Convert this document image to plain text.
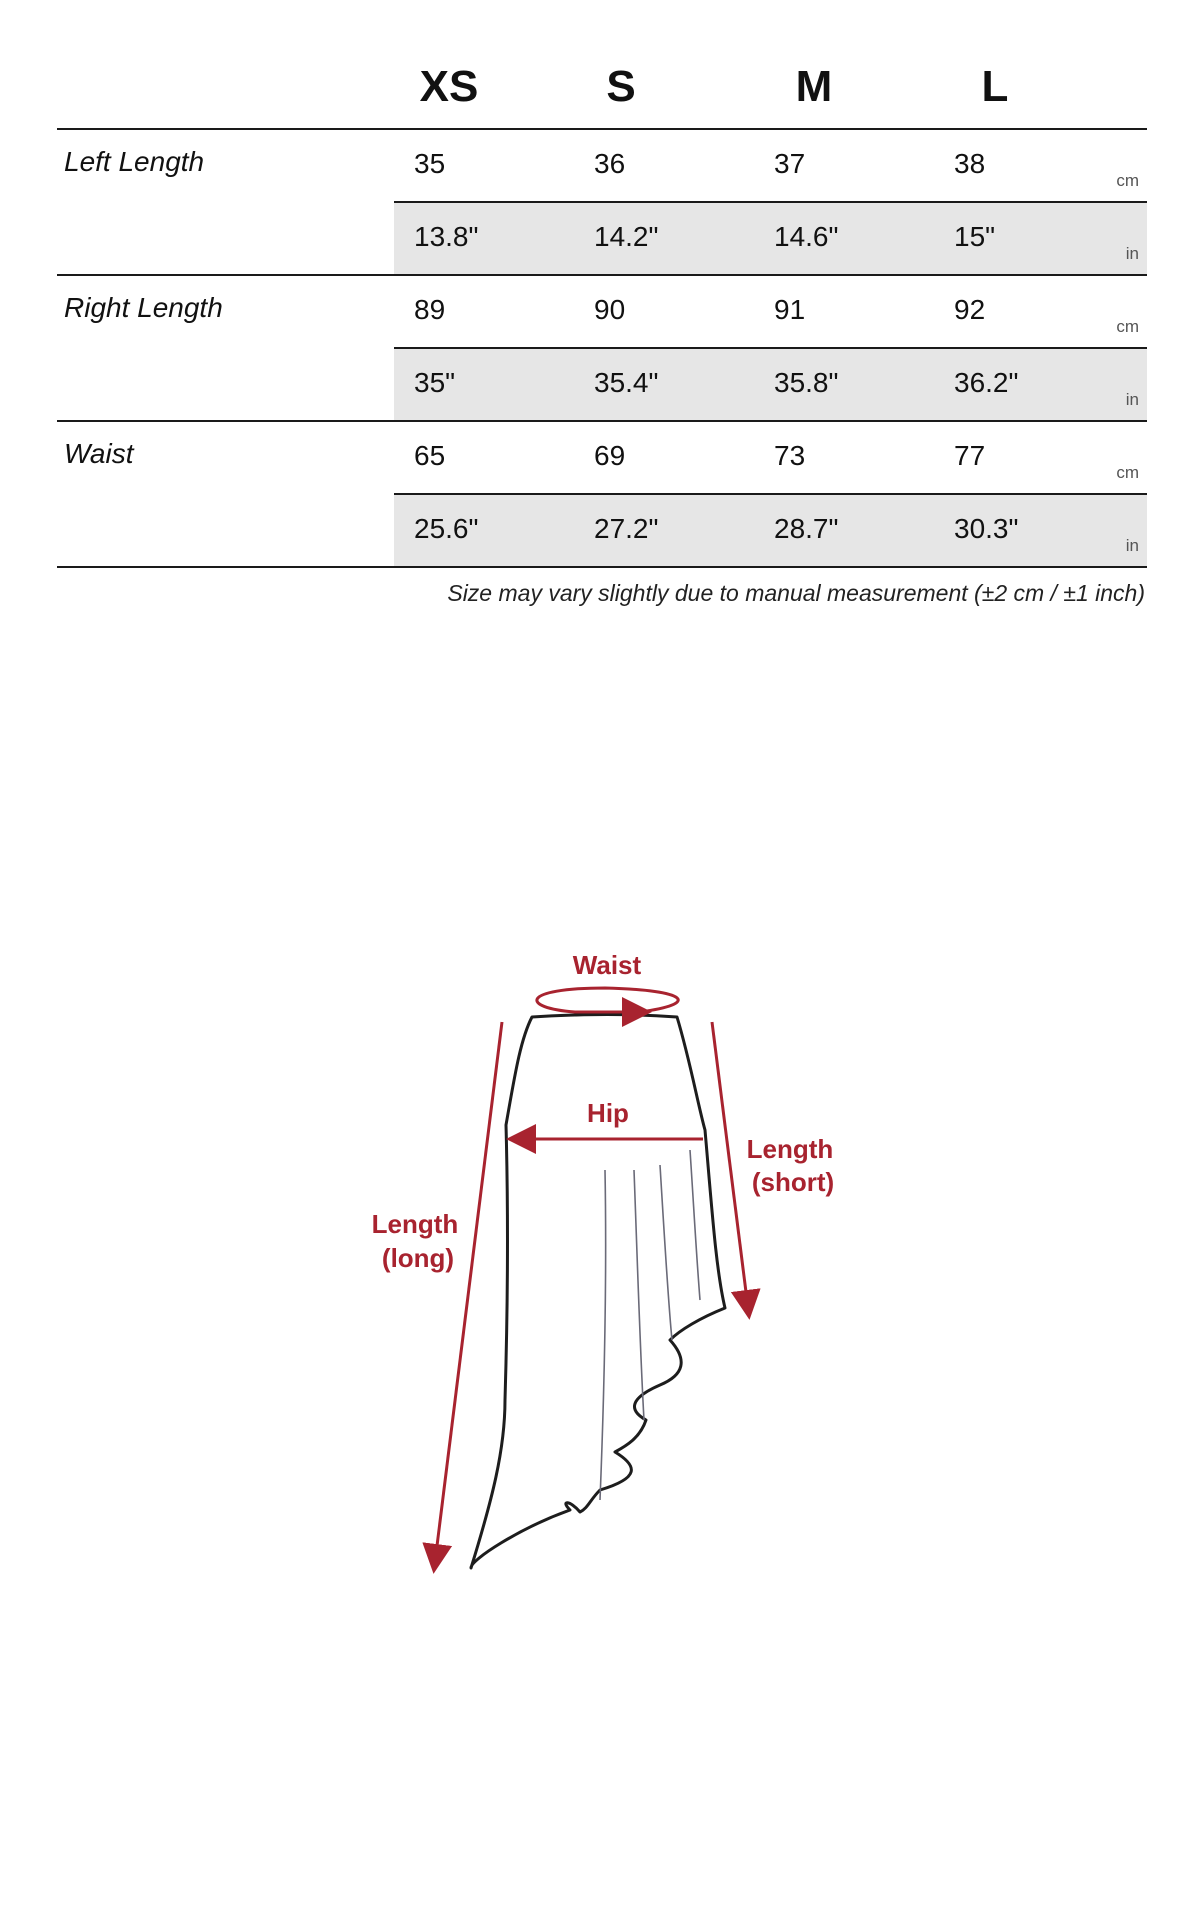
XS	S	M	L
Left Length	35	36	37	38
cm
13.8"	14.2"	14.6"	15"
in
Right Length	89	90	91	92
cm
35"	35.4"	35.8"	36.2"
in
Waist	65	69	73	77
cm
25.6"	27.2"	28.7"	30.3"
in
Size may vary slightly due to manual measurement (±2 cm / ±1 inch)
Waist
Hip
Length
(short)
Length
(long)
